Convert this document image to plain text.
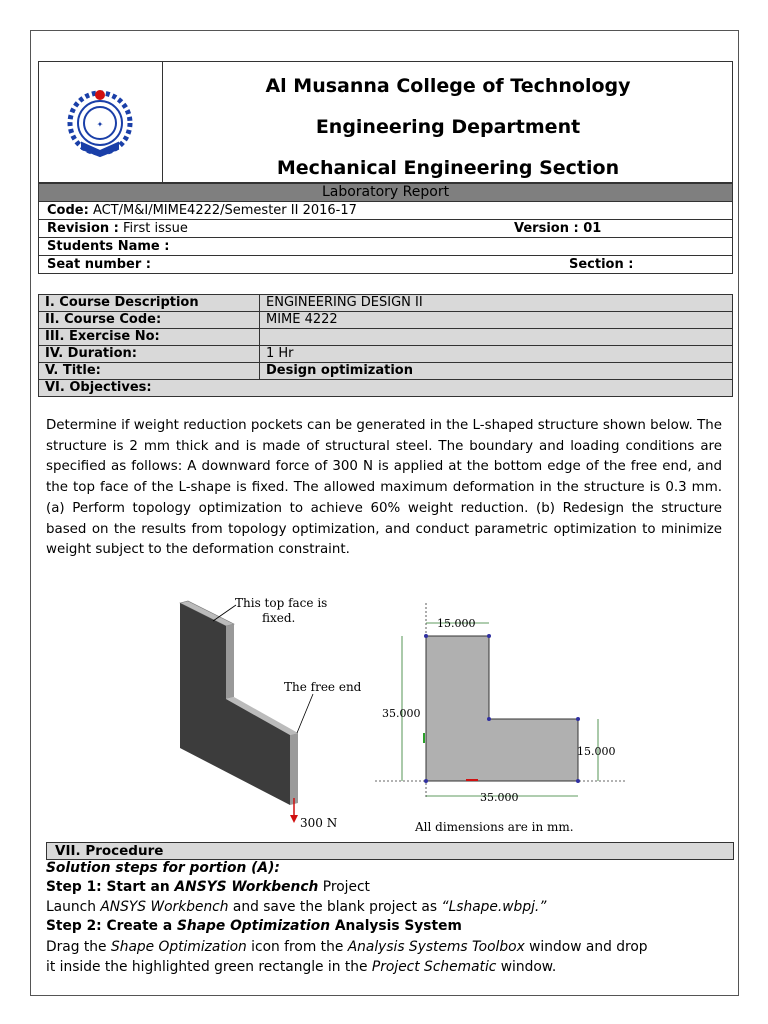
✦
Al Musanna College of Technology
Engineering Department
Mechanical Engineering Section
Laboratory Report
Code: ACT/M&I/MIME4222/Semester II 2016-17
Revision : First issue	Version : 01
Students Name :
Seat number :	Section :
I. Course Description	ENGINEERING DESIGN II
II. Course Code:	MIME 4222
III. Exercise No:	
IV. Duration:	1 Hr
V. Title:	Design optimization
VI. Objectives:	
Determine if weight reduction pockets can be generated in the L-shaped structure shown below. The structure is 2 mm thick and is made of structural steel. The boundary and loading conditions are specified as follows: A downward force of 300 N is applied at the bottom edge of the free end, and the top face of the L-shape is fixed. The allowed maximum deformation in the structure is 0.3 mm. (a) Perform topology optimization to achieve 60% weight reduction. (b) Redesign the structure based on the results from topology optimization, and conduct parametric optimization to minimize weight subject to the deformation constraint.
This top face is
fixed.
The free end
300 N
15.000
35.000
15.000
35.000
All dimensions are in mm.
VII. Procedure
Solution steps for portion (A):
Step 1: Start an ANSYS Workbench Project
Launch ANSYS Workbench and save the blank project as “Lshape.wbpj.”
Step 2: Create a Shape Optimization Analysis System
Drag the Shape Optimization icon from the Analysis Systems Toolbox window and drop
it inside the highlighted green rectangle in the Project Schematic window.
